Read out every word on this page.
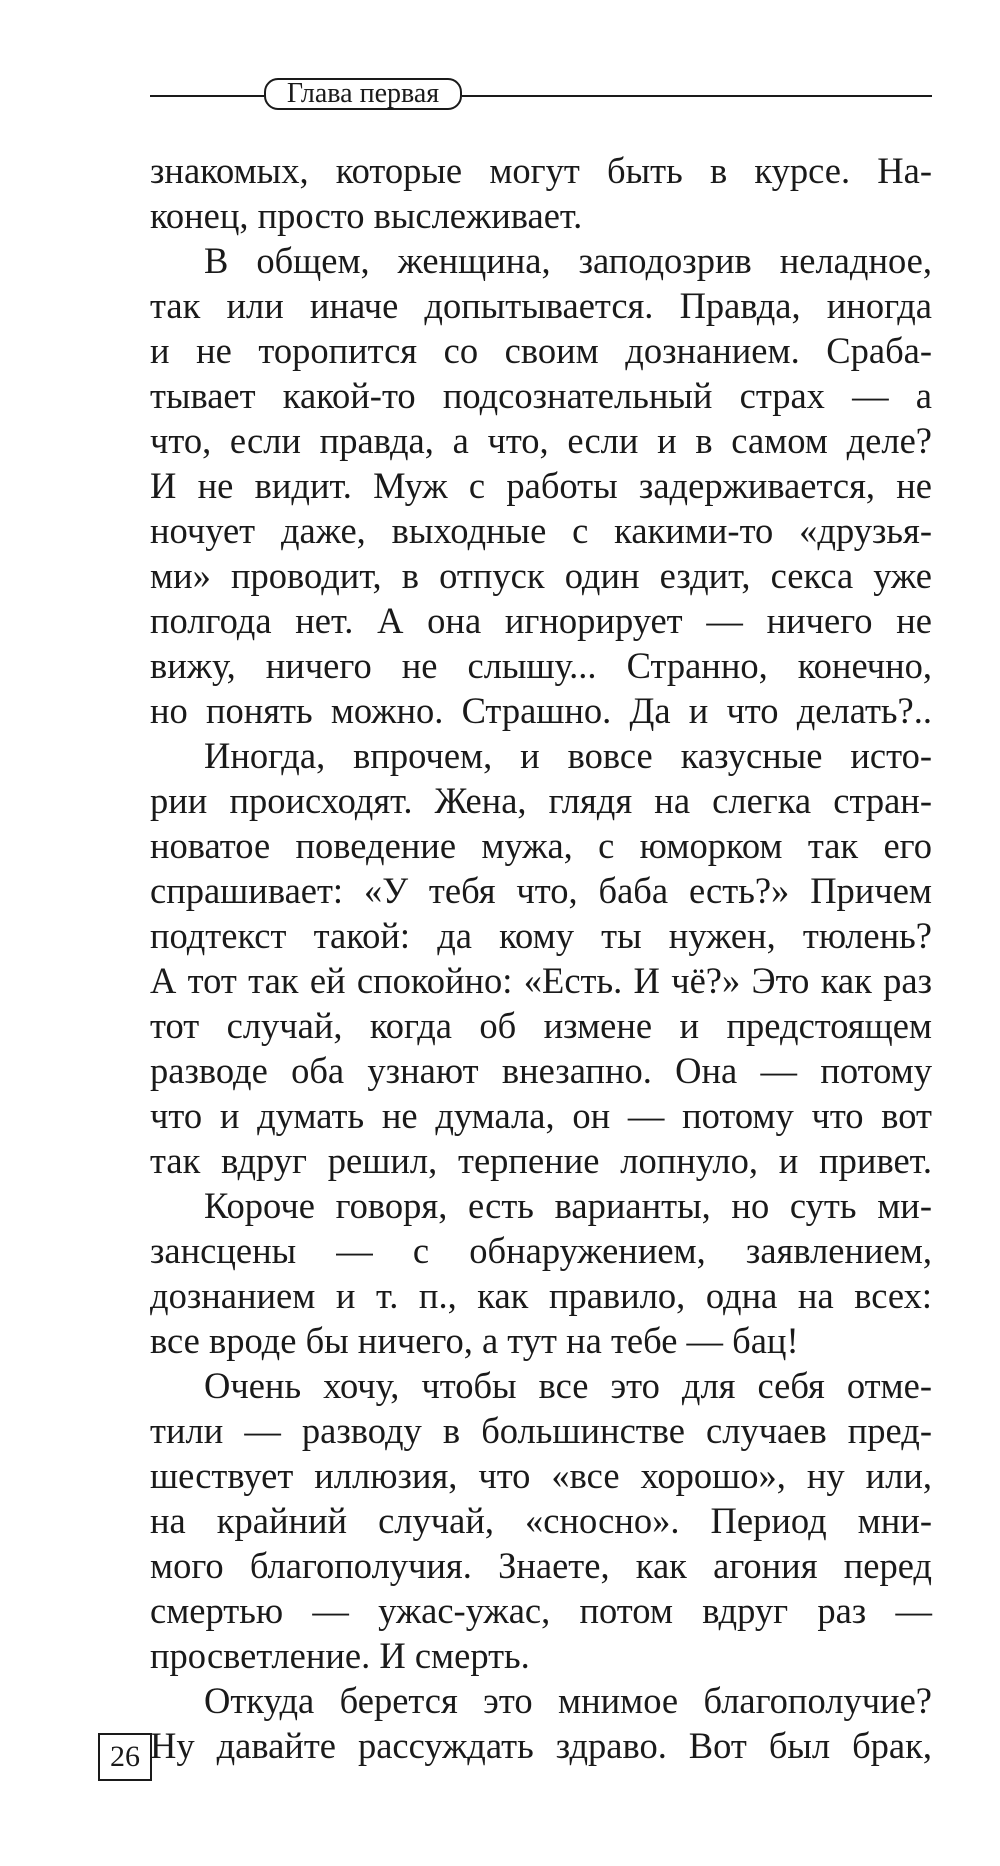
Глава первая
знакомых, которые могут быть в курсе. На-
конец, просто выслеживает.
В общем, женщина, заподозрив неладное,
так или иначе допытывается. Правда, иногда
и не торопится со своим дознанием. Сраба-
тывает какой-то подсознательный страх — а
что, если правда, а что, если и в самом деле?
И не видит. Муж с работы задерживается, не
ночует даже, выходные с какими-то «друзья-
ми» проводит, в отпуск один ездит, секса уже
полгода нет. А она игнорирует — ничего не
вижу, ничего не слышу... Странно, конечно,
но понять можно. Страшно. Да и что делать?..
Иногда, впрочем, и вовсе казусные исто-
рии происходят. Жена, глядя на слегка стран-
новатое поведение мужа, с юморком так его
спрашивает: «У тебя что, баба есть?» Причем
подтекст такой: да кому ты нужен, тюлень?
А тот так ей спокойно: «Есть. И чё?» Это как раз
тот случай, когда об измене и предстоящем
разводе оба узнают внезапно. Она — потому
что и думать не думала, он — потому что вот
так вдруг решил, терпение лопнуло, и привет.
Короче говоря, есть варианты, но суть ми-
зансцены — с обнаружением, заявлением,
дознанием и т. п., как правило, одна на всех:
все вроде бы ничего, а тут на тебе — бац!
Очень хочу, чтобы все это для себя отме-
тили — разводу в большинстве случаев пред-
шествует иллюзия, что «все хорошо», ну или,
на крайний случай, «сносно». Период мни-
мого благополучия. Знаете, как агония перед
смертью — ужас-ужас, потом вдруг раз —
просветление. И смерть.
Откуда берется это мнимое благополучие?
Ну давайте рассуждать здраво. Вот был брак,
26
